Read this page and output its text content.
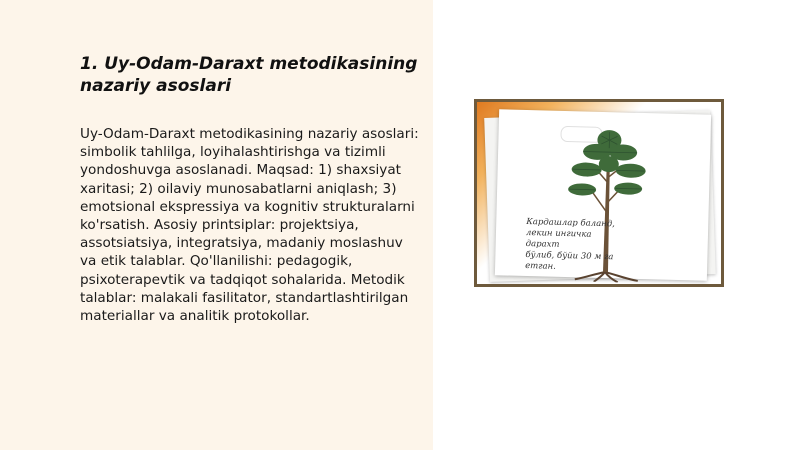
1. Uy-Odam-Daraxt metodikasining nazariy asoslari

Uy-Odam-Daraxt metodikasining nazariy asoslari: simbolik tahlilga, loyihalashtirishga va tizimli yondoshuvga asoslanadi. Maqsad: 1) shaxsiyat xaritasi; 2) oilaviy munosabatlarni aniqlash; 3) emotsional ekspressiya va kognitiv strukturalarni ko'rsatish. Asosiy printsiplar: projektsiya, assotsiatsiya, integratsiya, madaniy moslashuv va etik talablar. Qo'llanilishi: pedagogik, psixoterapevtik va tadqiqot sohalarida. Metodik talablar: malakali fasilitator, standartlashtirilgan materiallar va analitik protokollar.

Кардашлар баланд,
лекин ингичка дарахт
бўлиб, бўйи 30 м га
етган.
